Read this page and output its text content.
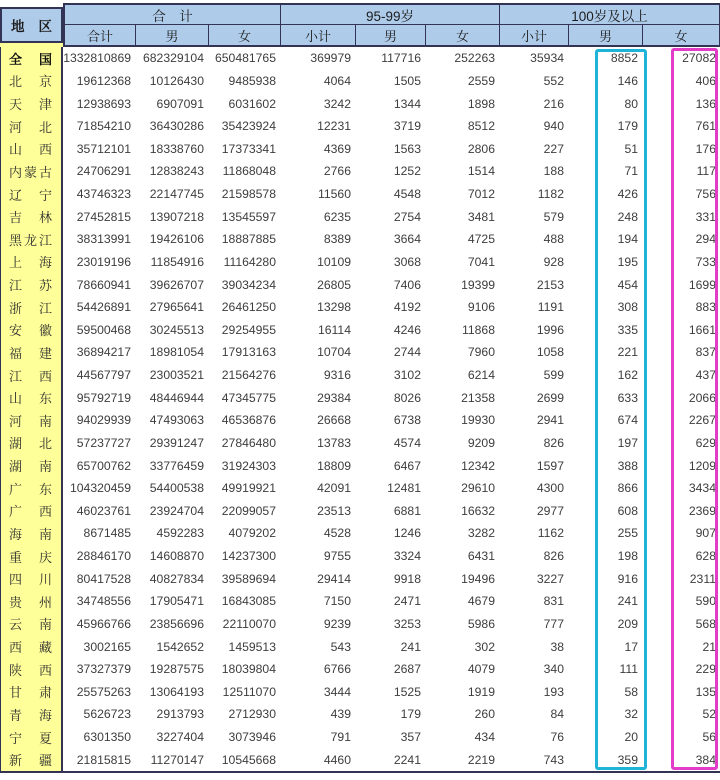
地 区
合　计	95-99岁	100岁及以上
合计	男	女	小计	男	女	小计	男	女
全 国 1332810869 682329104 650481765	369979	117716	252263	35934	8852	27082
北 京	19612368	10126430	9485938	4064	1505	2559	552	146	406
天 津	12938693	6907091	6031602	3242	1344	1898	216	80	136
河 北	71854210	36430286	35423924	12231	3719	8512	940	179	761
山 西	35712101	18338760	17373341	4369	1563	2806	227	51	176
内 蒙 古	24706291	12838243	11868048	2766	1252	1514	188	71	117
辽 宁	43746323	22147745	21598578	11560	4548	7012	1182	426	756
吉 林	27452815	13907218	13545597	6235	2754	3481	579	248	331
黑 龙 江	38313991	19426106	18887885	8389	3664	4725	488	194	294
上 海	23019196	11854916	11164280	10109	3068	7041	928	195	733
江 苏	78660941	39626707	39034234	26805	7406	19399	2153	454	1699
浙 江	54426891	27965641	26461250	13298	4192	9106	1191	308	883
安 徽	59500468	30245513	29254955	16114	4246	11868	1996	335	1661
福 建	36894217	18981054	17913163	10704	2744	7960	1058	221	837
江 西	44567797	23003521	21564276	9316	3102	6214	599	162	437
山 东	95792719	48446944	47345775	29384	8026	21358	2699	633	2066
河 南	94029939	47493063	46536876	26668	6738	19930	2941	674	2267
湖 北	57237727	29391247	27846480	13783	4574	9209	826	197	629
湖 南	65700762	33776459	31924303	18809	6467	12342	1597	388	1209
广 东	104320459	54400538	49919921	42091	12481	29610	4300	866	3434
广 西	46023761	23924704	22099057	23513	6881	16632	2977	608	2369
海 南	8671485	4592283	4079202	4528	1246	3282	1162	255	907
重 庆	28846170	14608870	14237300	9755	3324	6431	826	198	628
四 川	80417528	40827834	39589694	29414	9918	19496	3227	916	2311
贵 州	34748556	17905471	16843085	7150	2471	4679	831	241	590
云 南	45966766	23856696	22110070	9239	3253	5986	777	209	568
西 藏	3002165	1542652	1459513	543	241	302	38	17	21
陕 西	37327379	19287575	18039804	6766	2687	4079	340	111	229
甘 肃	25575263	13064193	12511070	3444	1525	1919	193	58	135
青 海	5626723	2913793	2712930	439	179	260	84	32	52
宁 夏	6301350	3227404	3073946	791	357	434	76	20	56
新 疆	21815815	11270147	10545668	4460	2241	2219	743	359	384
